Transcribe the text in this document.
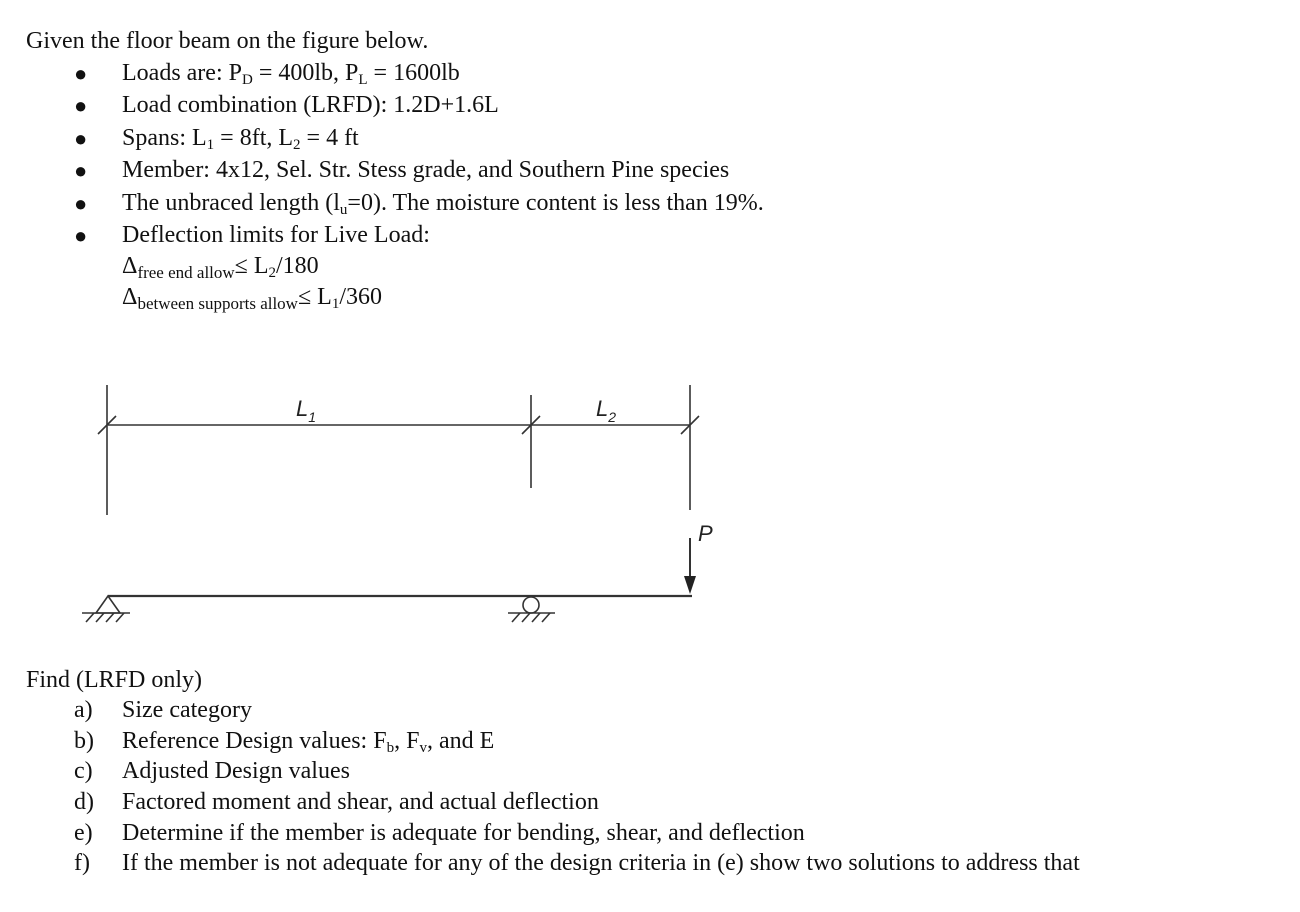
Given the floor beam on the figure below.
● Loads are: $P_D = 400lb$, $P_L = 1600lb$
● Load combination (LRFD): 1.2D+1.6L
● Spans: $L_1 = 8ft$, $L_2 = 4$ ft
● Member: 4x12, Sel. Str. Stess grade, and Southern Pine species
● The unbraced length $(l_u=0)$. The moisture content is less than 19%.
● Deflection limits for Live Load:
$\Delta_{free end allow}\le L_2/180$
$\Delta_{between supports allow}\le L_1/360$
$L_1$	$L_2$
P
Find (LRFD only)
a) Size category
b) Reference Design values: $F_b$, $F_v$, and E
c) Adjusted Design values
d) Factored moment and shear, and actual deflection
e) Determine if the member is adequate for bending, shear, and deflection
f) If the member is not adequate for any of the design criteria in (e) show two solutions to address that
